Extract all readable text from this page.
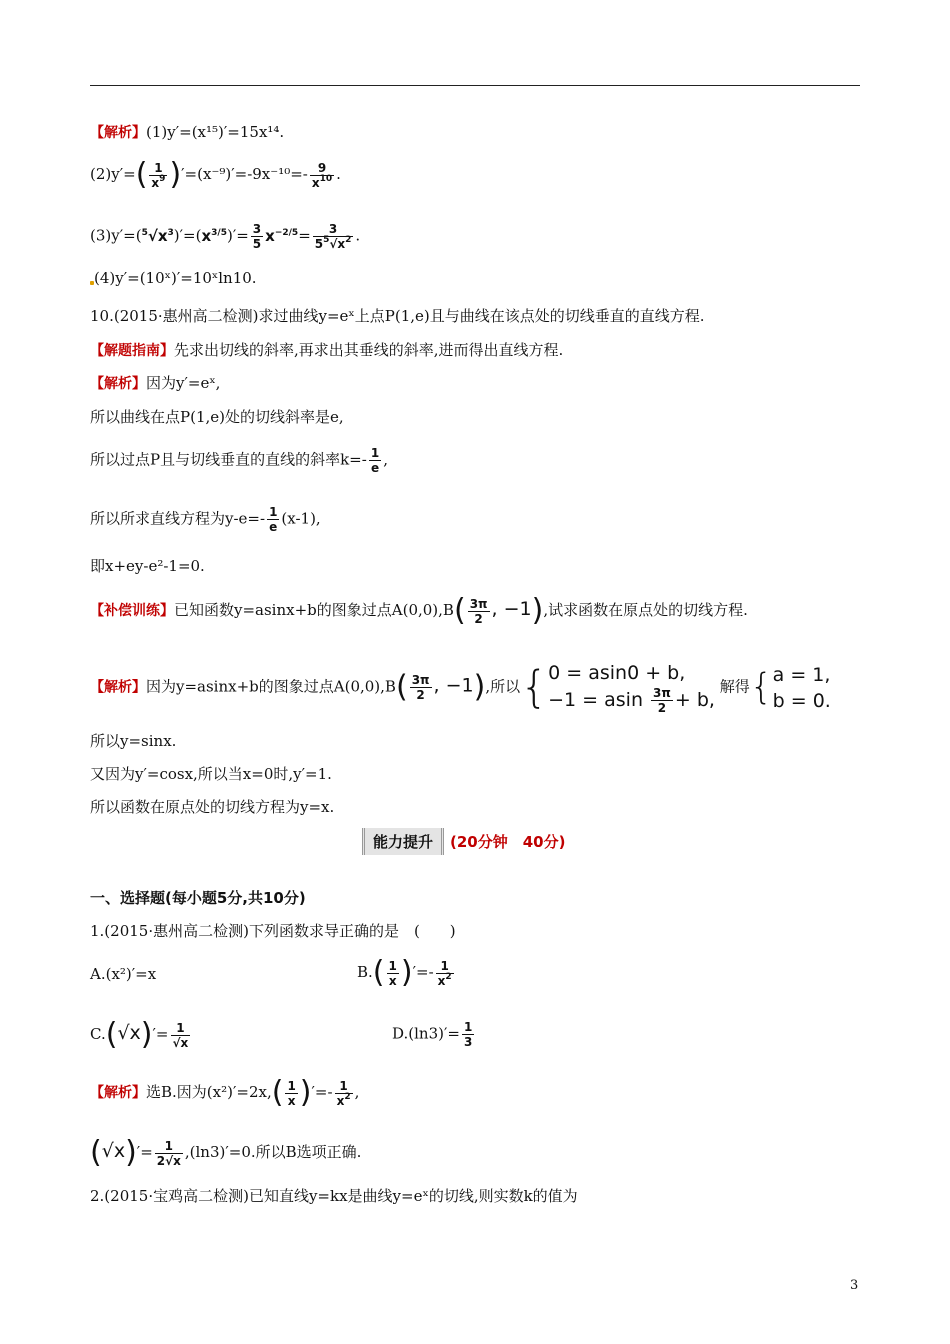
【解析】(1)y′=(x¹⁵)′=15x¹⁴.
$(2)y'=( \frac{1}{x^9} )'=(x^{-9})'=-9x^{-10}=- \frac{9}{x^{10}}$ .
$(3)y'=(^5√x^3)'=(x^{3/5})'= \frac{3}{5} x^{-2/5}= \frac{3}{5^5√x^2}$ .
(4)y′=(10ˣ)′=10ˣln10.
10.(2015·惠州高二检测)求过曲线y=eˣ上点P(1,e)且与曲线在该点处的切线垂直的直线方程.
【解题指南】先求出切线的斜率,再求出其垂线的斜率,进而得出直线方程.
【解析】因为y′=eˣ,
所以曲线在点P(1,e)处的切线斜率是e,
所以过点P且与切线垂直的直线的斜率$k=- \frac{1}{e}$ ,
所以所求直线方程为$y-e=- \frac{1}{e} (x-1)$,
即x+ey-e²-1=0.
【补偿训练】已知函数y=asinx+b的图象过点$A(0,0),B( \frac{3\pi}{2}$ , −1),试求函数在原点处的切线方程.
【解析】因为y=asinx+b的图象过点$A(0,0),B( \frac{3\pi}{2}$ , −1),所以{0 = asin0 + b,
−1 = asin $\frac{3\pi}{2} + b$, 解得{a = 1,
b = 0.
所以y=sinx.
又因为y′=cosx,所以当x=0时,y′=1.
所以函数在原点处的切线方程为y=x.
能力提升	(20分钟　40分)
一、选择题(每小题5分,共10分)
1.(2015·惠州高二检测)下列函数求导正确的是　(　　)
A.(x²)′=x	$B.( \frac{1}{x}$ )′=- $\frac{1}{x^2}$
$C.(√x)'= \frac{1}{√x}$	$D.(\ln 3)'= \frac{1}{3}$
【解析】选B.因为$(x^2)'=2x,( \frac{1}{x}$ )′=- $\frac{1}{x^2}$ ,
$(√x)'= \frac{1}{2√x} ,(\ln 3)'=0$.所以B选项正确.
2.(2015·宝鸡高二检测)已知直线y=kx是曲线y=eˣ的切线,则实数k的值为
3
